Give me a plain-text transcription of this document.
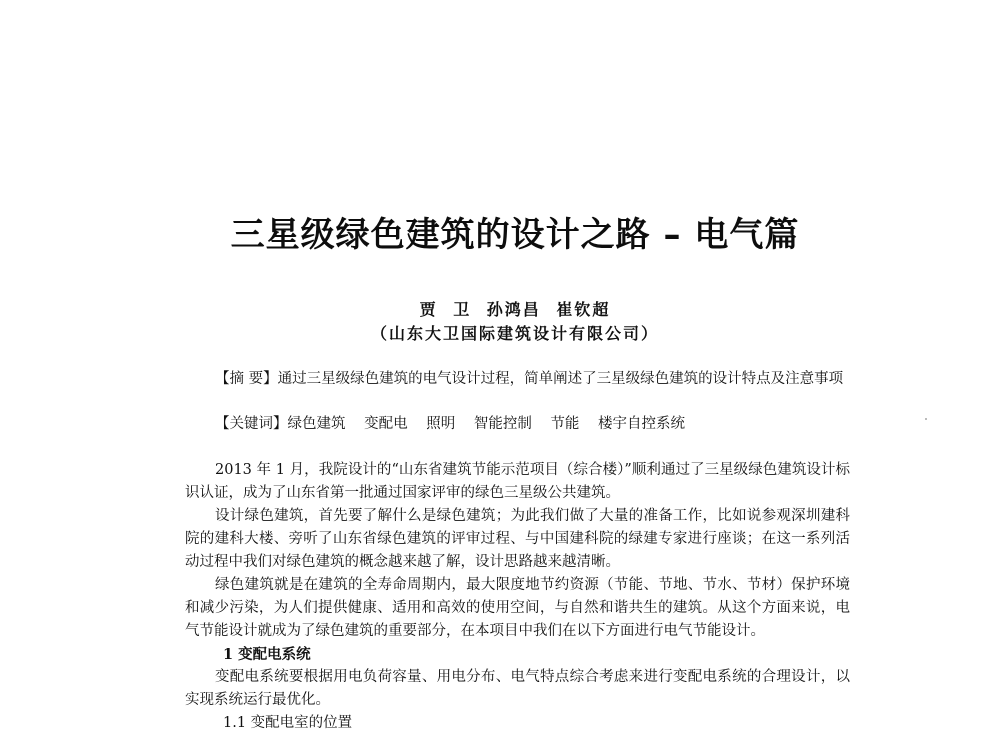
三星级绿色建筑的设计之路 – 电气篇
贾 卫 孙鸿昌 崔钦超
（山东大卫国际建筑设计有限公司）

【摘 要】通过三星级绿色建筑的电气设计过程，简单阐述了三星级绿色建筑的设计特点及注意事项

【关键词】绿色建筑 变配电 照明 智能控制 节能 楼宇自控系统

2013 年 1 月，我院设计的“山东省建筑节能示范项目（综合楼）”顺利通过了三星级绿色建筑设计标识认证，成为了山东省第一批通过国家评审的绿色三星级公共建筑。

设计绿色建筑，首先要了解什么是绿色建筑；为此我们做了大量的准备工作，比如说参观深圳建科院的建科大楼、旁听了山东省绿色建筑的评审过程、与中国建科院的绿建专家进行座谈；在这一系列活动过程中我们对绿色建筑的概念越来越了解，设计思路越来越清晰。

绿色建筑就是在建筑的全寿命周期内，最大限度地节约资源（节能、节地、节水、节材）保护环境和减少污染，为人们提供健康、适用和高效的使用空间，与自然和谐共生的建筑。从这个方面来说，电气节能设计就成为了绿色建筑的重要部分，在本项目中我们在以下方面进行电气节能设计。

1 变配电系统

变配电系统要根据用电负荷容量、用电分布、电气特点综合考虑来进行变配电系统的合理设计，以实现系统运行最优化。

1.1 变配电室的位置
